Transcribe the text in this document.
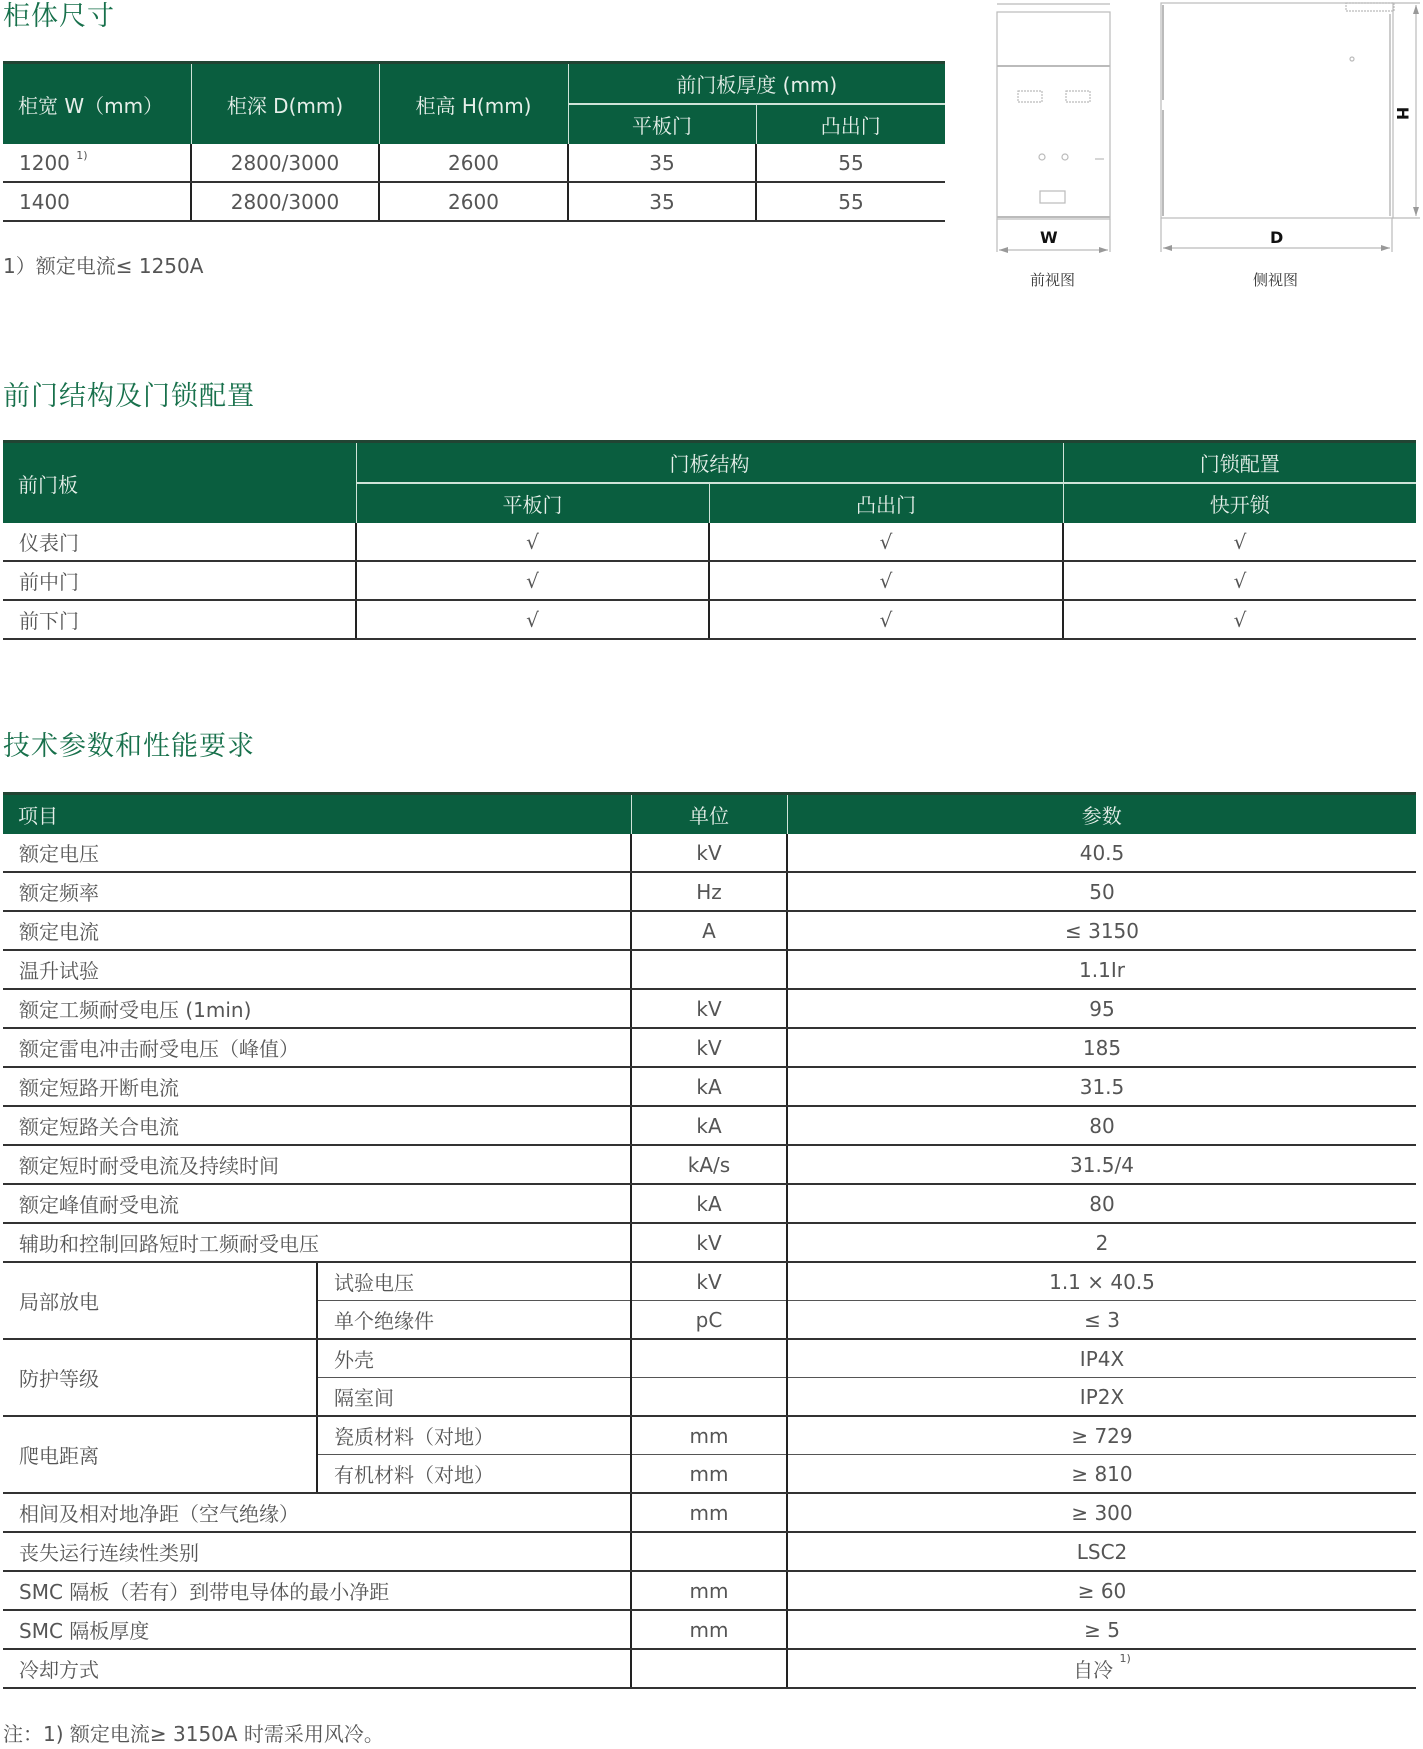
柜体尺寸
柜宽 W（mm）	柜深 D(mm)	柜高 H(mm)	前门板厚度 (mm)	
			平板门	凸出门
1200 $^{1)}$	2800/3000	2600	35	55
1400	2800/3000	2600	35	55
1）额定电流≤ 1250A
W	D
H
前视图	侧视图
前门结构及门锁配置
前门板	门板结构		门锁配置
	平板门	凸出门	快开锁
仪表门	√	√	√
前中门	√	√	√
前下门	√	√	√
技术参数和性能要求
项目		单位	参数
额定电压		kV	40.5
额定频率		Hz	50
额定电流		A	≤ 3150
温升试验			1.1Ir
额定工频耐受电压 (1min)		kV	95
额定雷电冲击耐受电压（峰值）		kV	185
额定短路开断电流		kA	31.5
额定短路关合电流		kA	80
额定短时耐受电流及持续时间		kA/s	31.5/4
额定峰值耐受电流		kA	80
辅助和控制回路短时工频耐受电压		kV	2
局部放电	试验电压	kV	1.1 × 40.5
	单个绝缘件	pC	≤ 3
防护等级	外壳		IP4X
	隔室间		IP2X
爬电距离	瓷质材料（对地）	mm	≥ 729
	有机材料（对地）	mm	≥ 810
相间及相对地净距（空气绝缘）		mm	≥ 300
丧失运行连续性类别			LSC2
SMC 隔板（若有）到带电导体的最小净距		mm	≥ 60
SMC 隔板厚度		mm	≥ 5
冷却方式			自冷 $^{1)}$
注：1) 额定电流≥ 3150A 时需采用风冷。
